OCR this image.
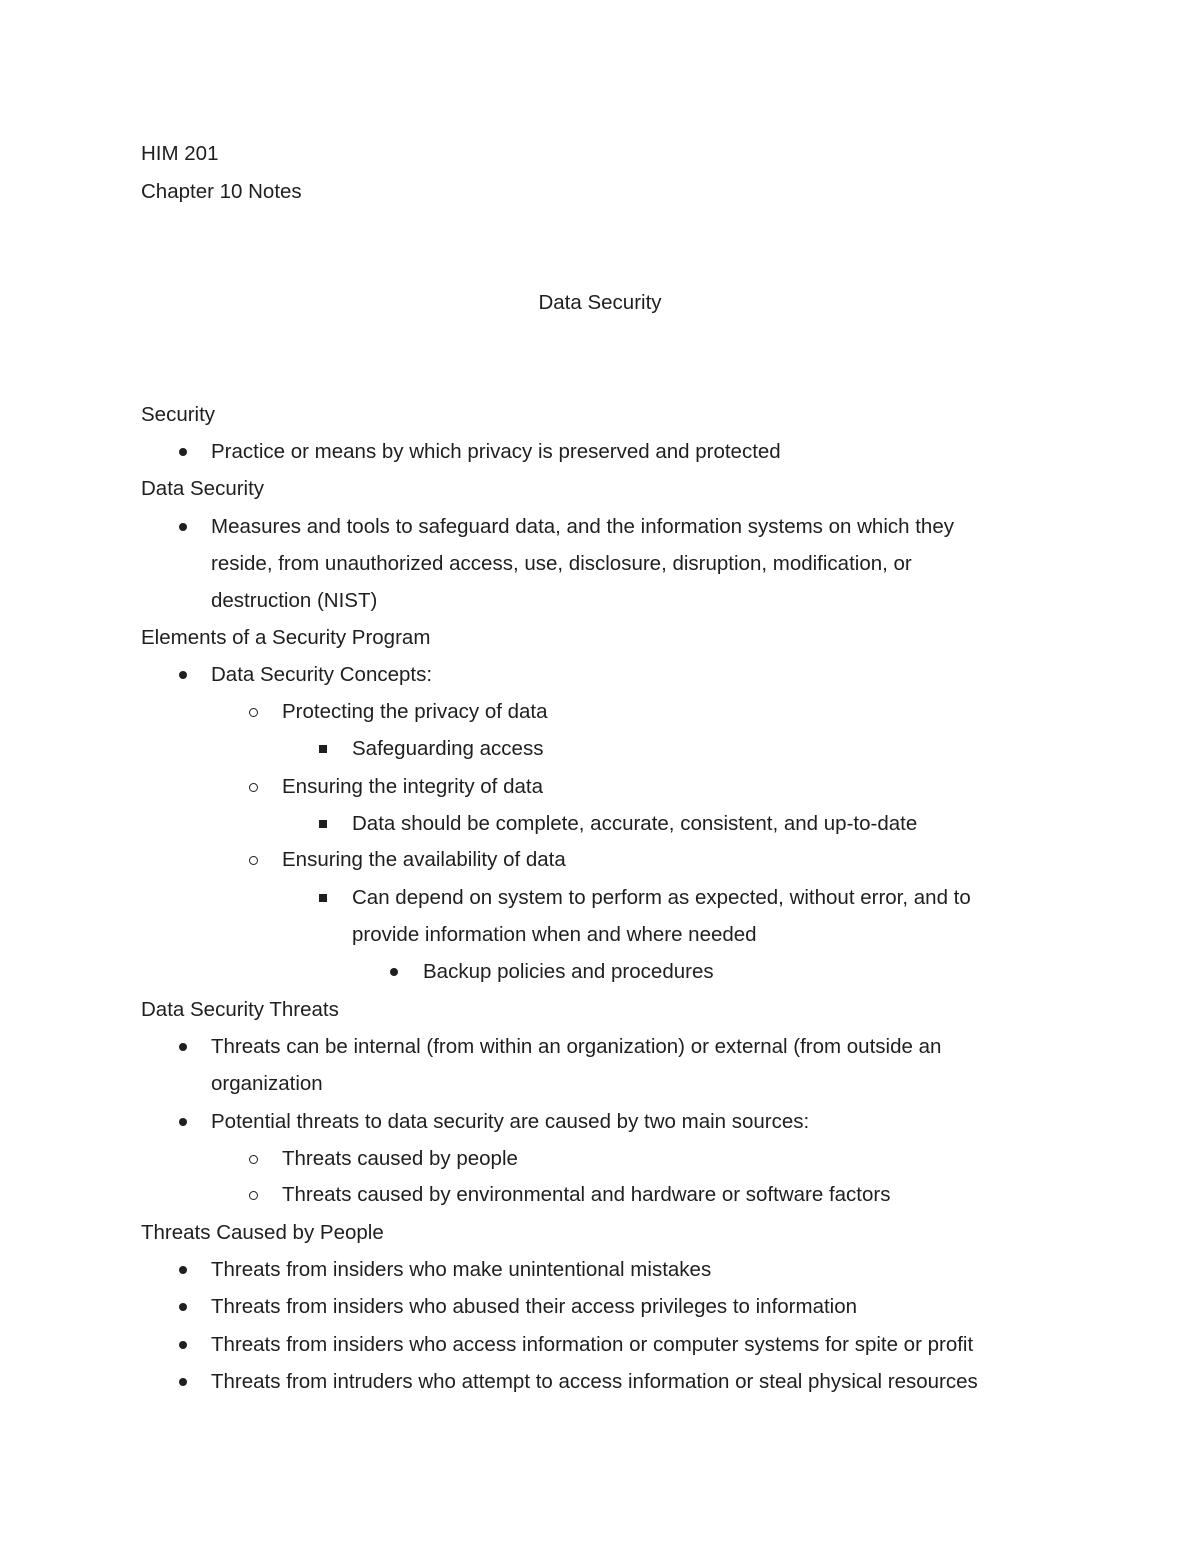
HIM 201
Chapter 10 Notes
Data Security
Security
Practice or means by which privacy is preserved and protected
Data Security
Measures and tools to safeguard data, and the information systems on which they
reside, from unauthorized access, use, disclosure, disruption, modification, or
destruction (NIST)
Elements of a Security Program
Data Security Concepts:
Protecting the privacy of data
Safeguarding access
Ensuring the integrity of data
Data should be complete, accurate, consistent, and up-to-date
Ensuring the availability of data
Can depend on system to perform as expected, without error, and to
provide information when and where needed
Backup policies and procedures
Data Security Threats
Threats can be internal (from within an organization) or external (from outside an
organization
Potential threats to data security are caused by two main sources:
Threats caused by people
Threats caused by environmental and hardware or software factors
Threats Caused by People
Threats from insiders who make unintentional mistakes
Threats from insiders who abused their access privileges to information
Threats from insiders who access information or computer systems for spite or profit
Threats from intruders who attempt to access information or steal physical resources
